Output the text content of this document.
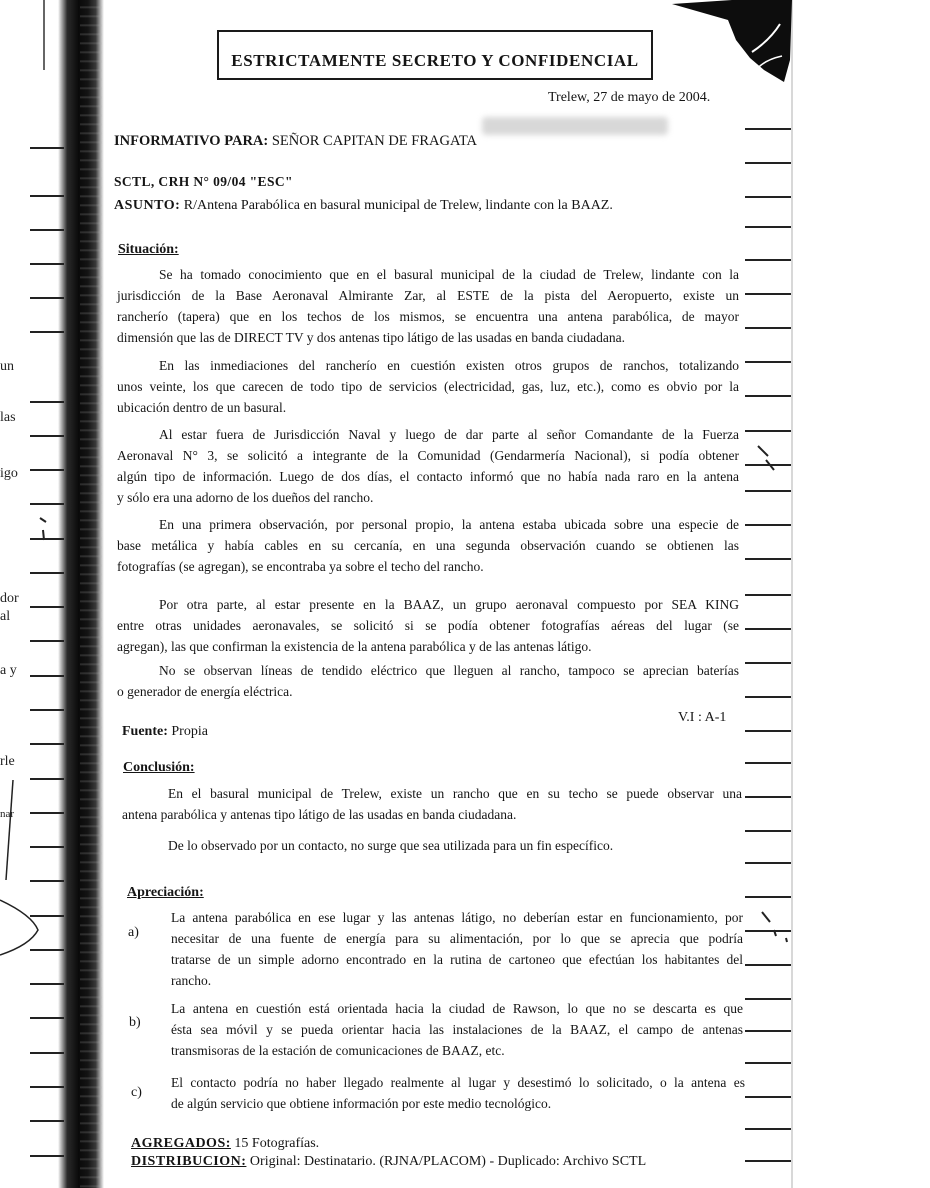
un
las
igo
dor
al
a y
rle
nar
ESTRICTAMENTE SECRETO Y CONFIDENCIAL
Trelew, 27 de mayo de 2004.
INFORMATIVO PARA: SEÑOR CAPITAN DE FRAGATA
SCTL, CRH N° 09/04 "ESC"
ASUNTO: R/Antena Parabólica en basural municipal de Trelew, lindante con la BAAZ.
Situación:
Se ha tomado conocimiento que en el basural municipal de la ciudad de Trelew, lindante con la
jurisdicción de la Base Aeronaval Almirante Zar, al ESTE de la pista del Aeropuerto, existe un
rancherío (tapera) que en los techos de los mismos, se encuentra una antena parabólica, de mayor
dimensión que las de DIRECT TV y dos antenas tipo látigo de las usadas en banda ciudadana.
En las inmediaciones del rancherío en cuestión existen otros grupos de ranchos, totalizando
unos veinte, los que carecen de todo tipo de servicios (electricidad, gas, luz, etc.), como es obvio por la
ubicación dentro de un basural.
Al estar fuera de Jurisdicción Naval y luego de dar parte al señor Comandante de la Fuerza
Aeronaval N° 3, se solicitó a integrante de la Comunidad (Gendarmería Nacional), si podía obtener
algún tipo de información. Luego de dos días, el contacto informó que no había nada raro en la antena
y sólo era una adorno de los dueños del rancho.
En una primera observación, por personal propio, la antena estaba ubicada sobre una especie de
base metálica y había cables en su cercanía, en una segunda observación cuando se obtienen las
fotografías (se agregan), se encontraba ya sobre el techo del rancho.
Por otra parte, al estar presente en la BAAZ, un grupo aeronaval compuesto por SEA KING
entre otras unidades aeronavales, se solicitó si se podía obtener fotografías aéreas del lugar (se
agregan), las que confirman la existencia de la antena parabólica y de las antenas látigo.
No se observan líneas de tendido eléctrico que lleguen al rancho, tampoco se aprecian baterías
o generador de energía eléctrica.
V.I : A-1
Fuente: Propia
Conclusión:
En el basural municipal de Trelew, existe un rancho que en su techo se puede observar una
antena parabólica y antenas tipo látigo de las usadas en banda ciudadana.
De lo observado por un contacto, no surge que sea utilizada para un fin específico.
Apreciación:
a)
La antena parabólica en ese lugar y las antenas látigo, no deberían estar en funcionamiento, por
necesitar de una fuente de energía para su alimentación, por lo que se aprecia que podría
tratarse de un simple adorno encontrado en la rutina de cartoneo que efectúan los habitantes del
rancho.
b)
La antena en cuestión está orientada hacia la ciudad de Rawson, lo que no se descarta es que
ésta sea móvil y se pueda orientar hacia las instalaciones de la BAAZ, el campo de antenas
transmisoras de la estación de comunicaciones de BAAZ, etc.
c)
El contacto podría no haber llegado realmente al lugar y desestimó lo solicitado, o la antena es
de algún servicio que obtiene información por este medio tecnológico.
AGREGADOS: 15 Fotografías.
DISTRIBUCION: Original: Destinatario. (RJNA/PLACOM) - Duplicado: Archivo SCTL
